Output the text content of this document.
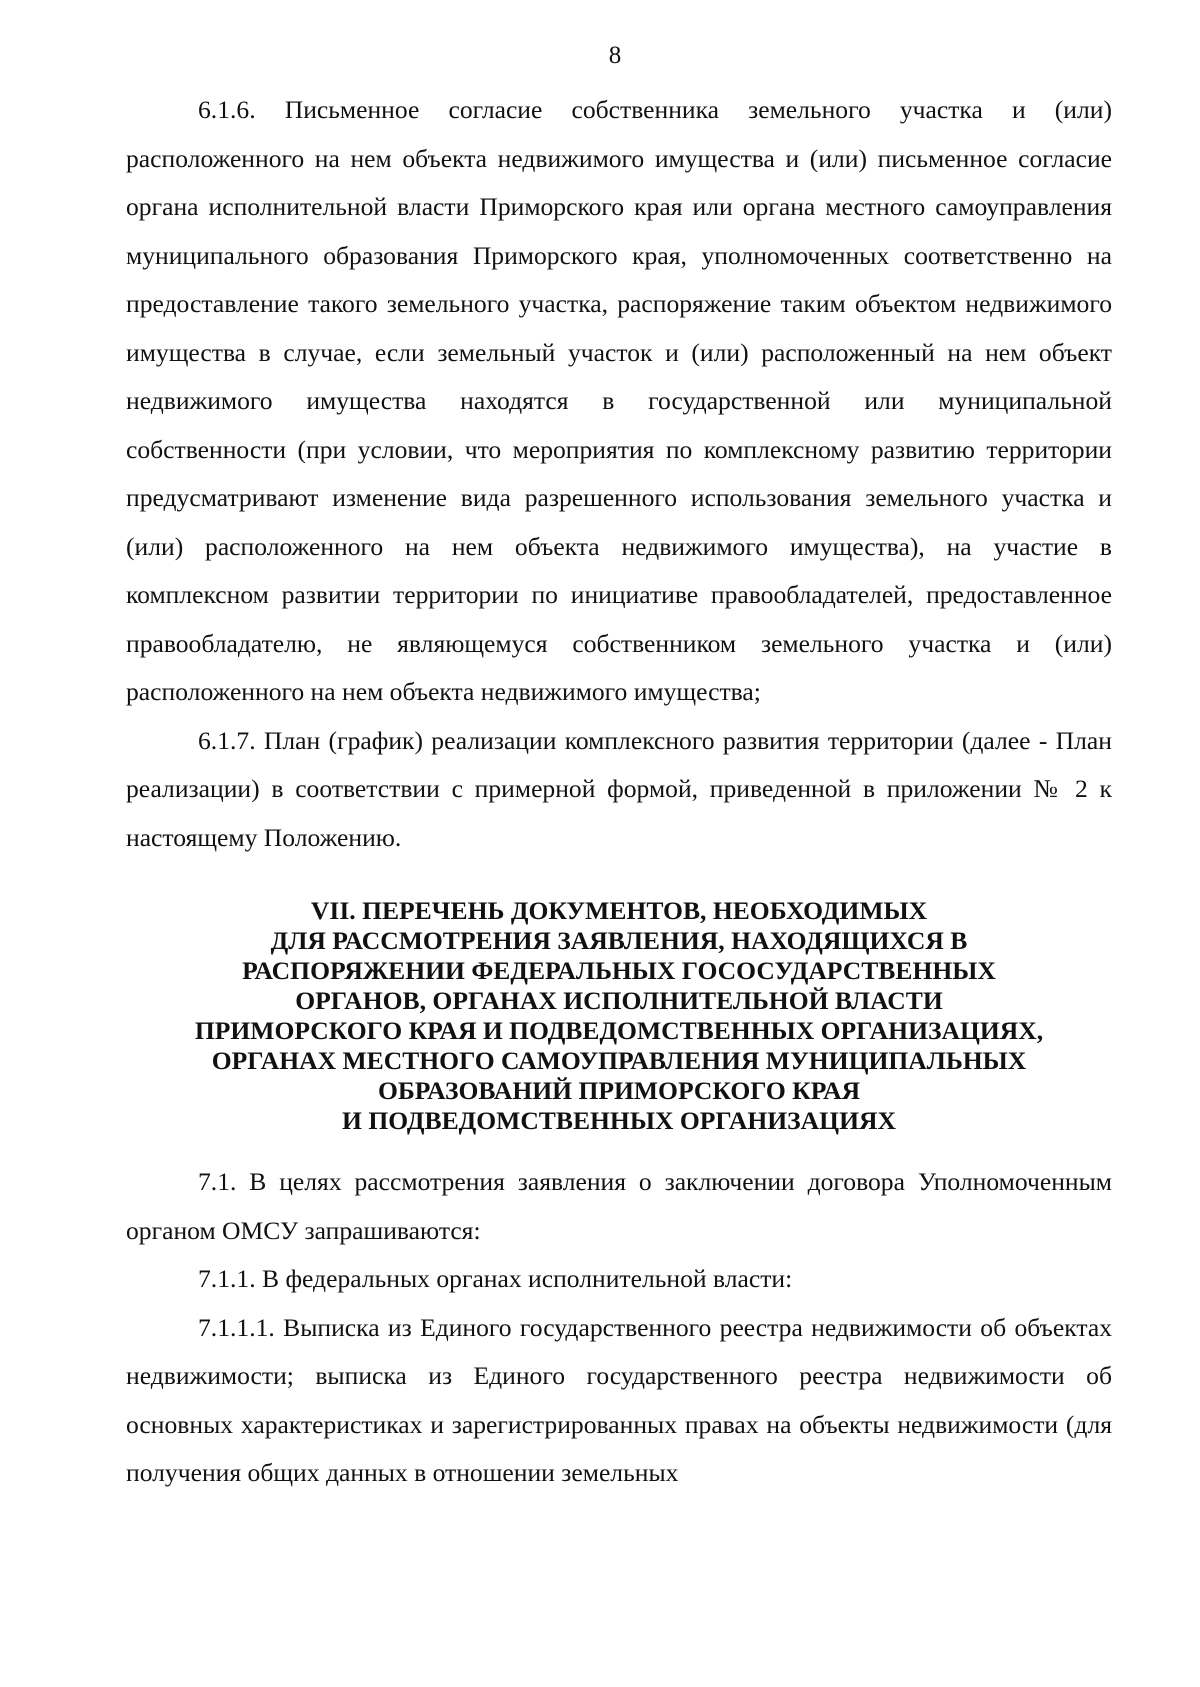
8

6.1.6. Письменное согласие собственника земельного участка и (или) расположенного на нем объекта недвижимого имущества и (или) письменное согласие органа исполнительной власти Приморского края или органа местного самоуправления муниципального образования Приморского края, уполномоченных соответственно на предоставление такого земельного участка, распоряжение таким объектом недвижимого имущества в случае, если земельный участок и (или) расположенный на нем объект недвижимого имущества находятся в государственной или муниципальной собственности (при условии, что мероприятия по комплексному развитию территории предусматривают изменение вида разрешенного использования земельного участка и (или) расположенного на нем объекта недвижимого имущества), на участие в комплексном развитии территории по инициативе правообладателей, предоставленное правообладателю, не являющемуся собственником земельного участка и (или) расположенного на нем объекта недвижимого имущества;

6.1.7. План (график) реализации комплексного развития территории (далее - План реализации) в соответствии с примерной формой, приведенной в приложении № 2 к настоящему Положению.

VII. ПЕРЕЧЕНЬ ДОКУМЕНТОВ, НЕОБХОДИМЫХ
ДЛЯ РАССМОТРЕНИЯ ЗАЯВЛЕНИЯ, НАХОДЯЩИХСЯ В
РАСПОРЯЖЕНИИ ФЕДЕРАЛЬНЫХ ГОСОСУДАРСТВЕННЫХ
ОРГАНОВ, ОРГАНАХ ИСПОЛНИТЕЛЬНОЙ ВЛАСТИ
ПРИМОРСКОГО КРАЯ И ПОДВЕДОМСТВЕННЫХ ОРГАНИЗАЦИЯХ,
ОРГАНАХ МЕСТНОГО САМОУПРАВЛЕНИЯ МУНИЦИПАЛЬНЫХ
ОБРАЗОВАНИЙ ПРИМОРСКОГО КРАЯ
И ПОДВЕДОМСТВЕННЫХ ОРГАНИЗАЦИЯХ

7.1. В целях рассмотрения заявления о заключении договора Уполномоченным органом ОМСУ запрашиваются:

7.1.1. В федеральных органах исполнительной власти:

7.1.1.1. Выписка из Единого государственного реестра недвижимости об объектах недвижимости; выписка из Единого государственного реестра недвижимости об основных характеристиках и зарегистрированных правах на объекты недвижимости (для получения общих данных в отношении земельных
